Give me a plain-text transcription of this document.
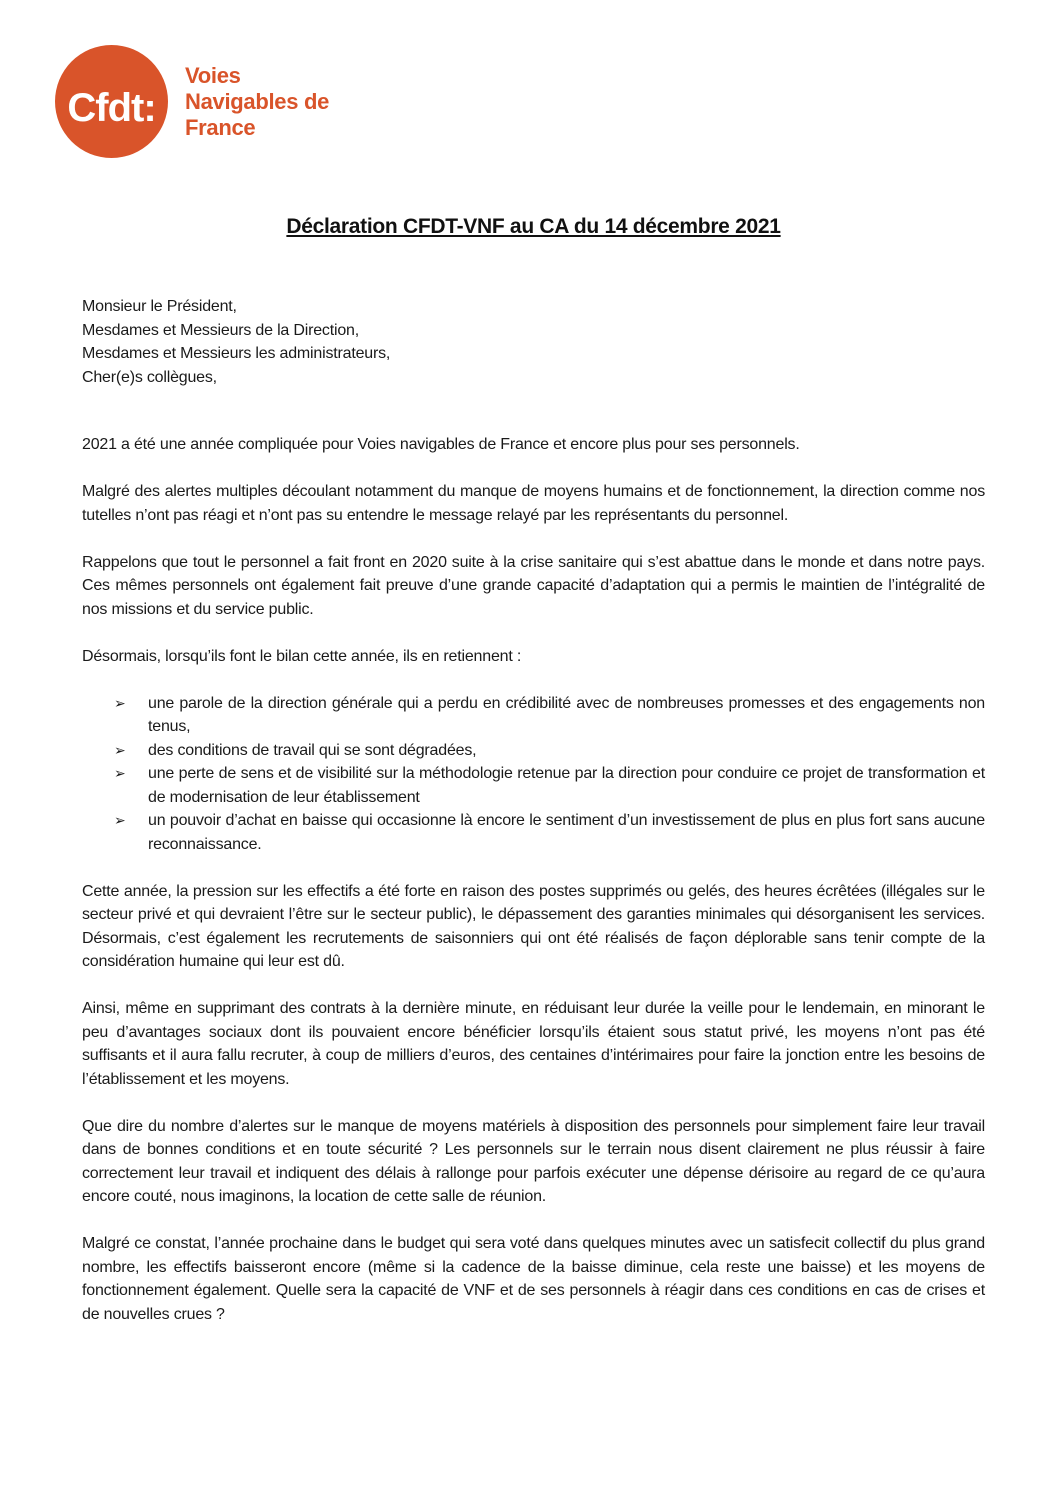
Cfdt:
Voies
Navigables de
France
Déclaration CFDT-VNF au CA du 14 décembre 2021
Monsieur le Président,
Mesdames et Messieurs de la Direction,
Mesdames et Messieurs les administrateurs,
Cher(e)s collègues,

2021 a été une année compliquée pour Voies navigables de France et encore plus pour ses personnels.

Malgré des alertes multiples découlant notamment du manque de moyens humains et de fonctionnement, la direction comme nos tutelles n’ont pas réagi et n’ont pas su entendre le message relayé par les représentants du personnel.

Rappelons que tout le personnel a fait front en 2020 suite à la crise sanitaire qui s’est abattue dans le monde et dans notre pays. Ces mêmes personnels ont également fait preuve d’une grande capacité d’adaptation qui a permis le maintien de l’intégralité de nos missions et du service public.

Désormais, lorsqu’ils font le bilan cette année, ils en retiennent :

➢ une parole de la direction générale qui a perdu en crédibilité avec de nombreuses promesses et des engagements non tenus,
➢ des conditions de travail qui se sont dégradées,
➢ une perte de sens et de visibilité sur la méthodologie retenue par la direction pour conduire ce projet de transformation et de modernisation de leur établissement
➢ un pouvoir d’achat en baisse qui occasionne là encore le sentiment d’un investissement de plus en plus fort sans aucune reconnaissance.

Cette année, la pression sur les effectifs a été forte en raison des postes supprimés ou gelés, des heures écrêtées (illégales sur le secteur privé et qui devraient l’être sur le secteur public), le dépassement des garanties minimales qui désorganisent les services. Désormais, c’est également les recrutements de saisonniers qui ont été réalisés de façon déplorable sans tenir compte de la considération humaine qui leur est dû.

Ainsi, même en supprimant des contrats à la dernière minute, en réduisant leur durée la veille pour le lendemain, en minorant le peu d’avantages sociaux dont ils pouvaient encore bénéficier lorsqu’ils étaient sous statut privé, les moyens n’ont pas été suffisants et il aura fallu recruter, à coup de milliers d’euros, des centaines d’intérimaires pour faire la jonction entre les besoins de l’établissement et les moyens.

Que dire du nombre d’alertes sur le manque de moyens matériels à disposition des personnels pour simplement faire leur travail dans de bonnes conditions et en toute sécurité ? Les personnels sur le terrain nous disent clairement ne plus réussir à faire correctement leur travail et indiquent des délais à rallonge pour parfois exécuter une dépense dérisoire au regard de ce qu’aura encore couté, nous imaginons, la location de cette salle de réunion.

Malgré ce constat, l’année prochaine dans le budget qui sera voté dans quelques minutes avec un satisfecit collectif du plus grand nombre, les effectifs baisseront encore (même si la cadence de la baisse diminue, cela reste une baisse) et les moyens de fonctionnement également. Quelle sera la capacité de VNF et de ses personnels à réagir dans ces conditions en cas de crises et de nouvelles crues ?
